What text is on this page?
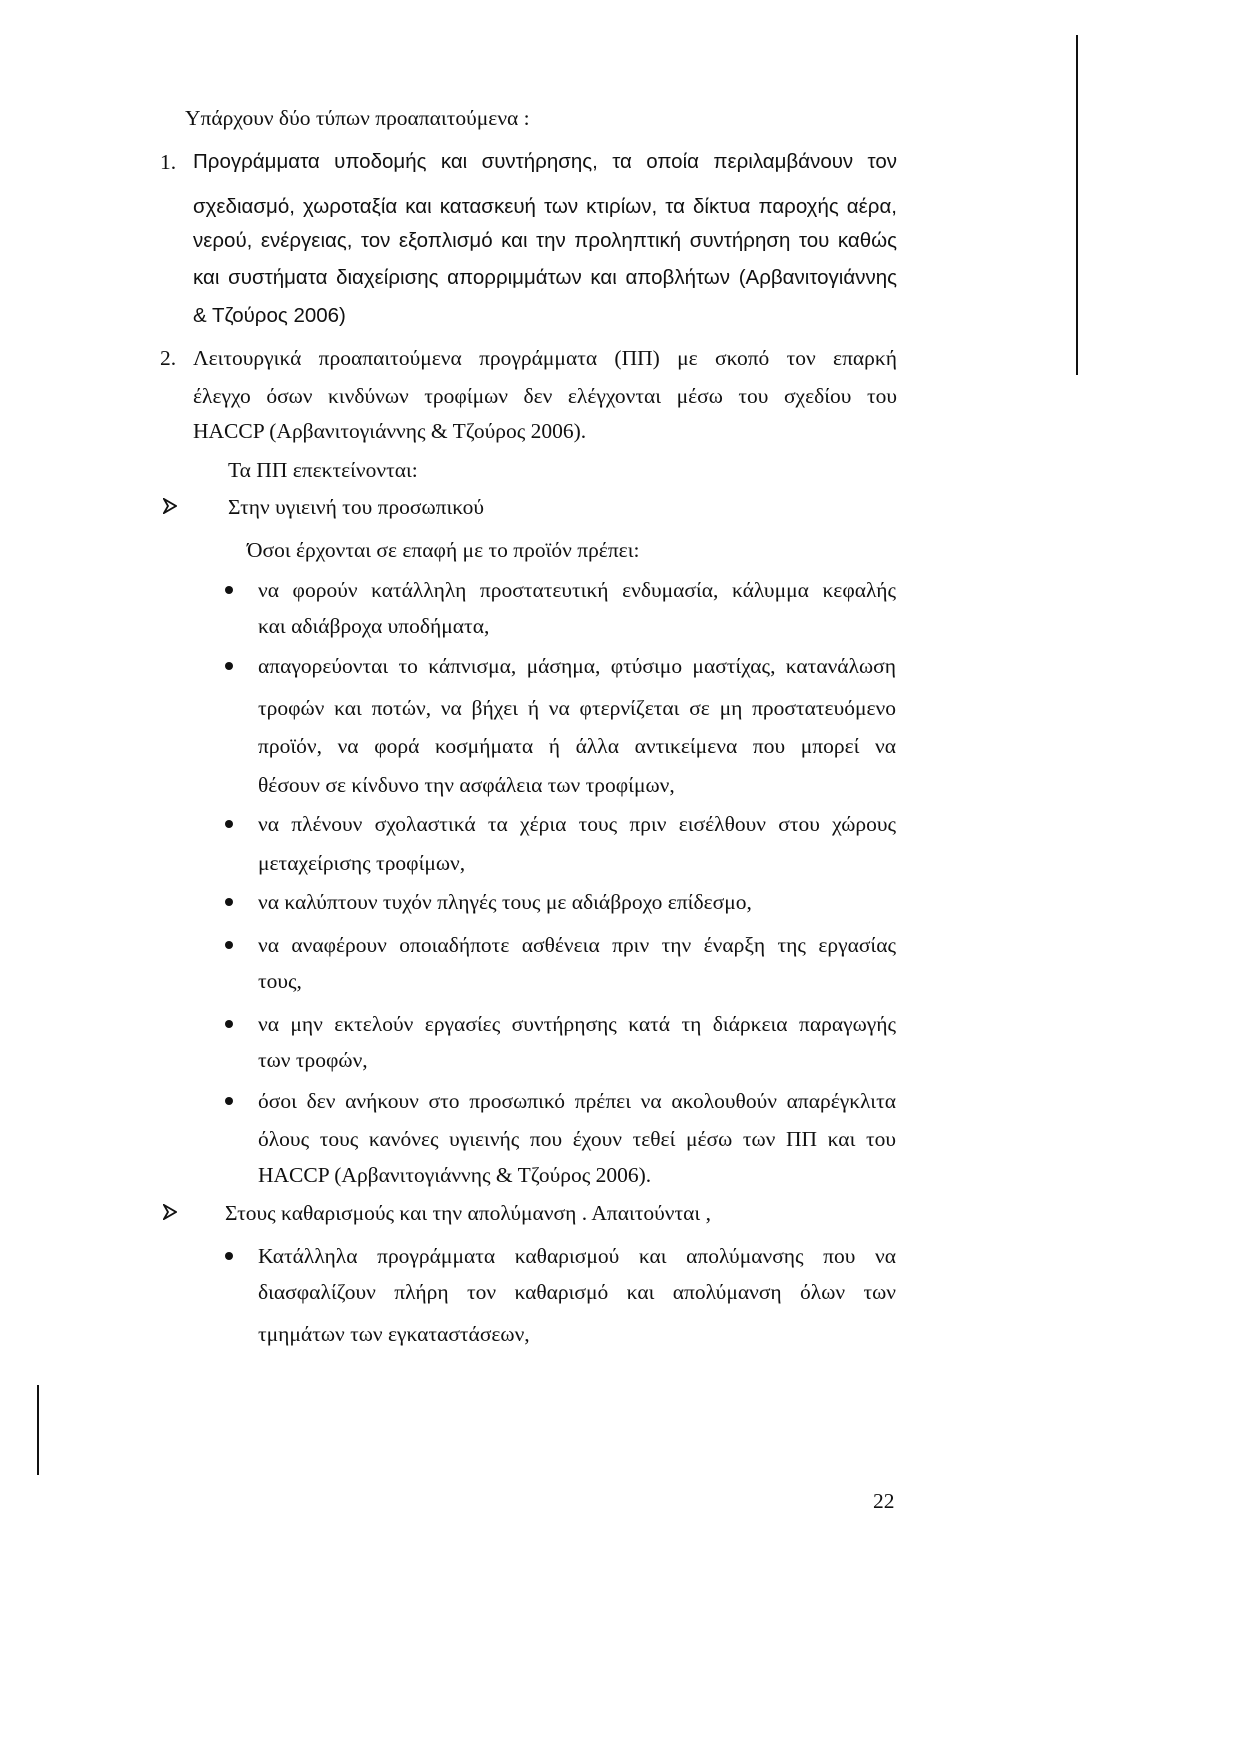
Υπάρχουν δύο τύπων προαπαιτούμενα :
1. Προγράμματα υποδομής και συντήρησης, τα οποία περιλαμβάνουν τον
σχεδιασμό, χωροταξία και κατασκευή των κτιρίων, τα δίκτυα παροχής αέρα,
νερού, ενέργειας, τον εξοπλισμό και την προληπτική συντήρηση του καθώς
και συστήματα διαχείρισης απορριμμάτων και αποβλήτων (Αρβανιτογιάννης
& Τζούρος 2006)
2. Λειτουργικά προαπαιτούμενα προγράμματα (ΠΠ) με σκοπό τον επαρκή
έλεγχο όσων κινδύνων τροφίμων δεν ελέγχονται μέσω του σχεδίου του
HACCP (Αρβανιτογιάννης & Τζούρος 2006).
Τα ΠΠ επεκτείνονται:
Στην υγιεινή του προσωπικού
Όσοι έρχονται σε επαφή με το προϊόν πρέπει:
να φορούν κατάλληλη προστατευτική ενδυμασία, κάλυμμα κεφαλής
και αδιάβροχα υποδήματα,
απαγορεύονται το κάπνισμα, μάσημα, φτύσιμο μαστίχας, κατανάλωση
τροφών και ποτών, να βήχει ή να φτερνίζεται σε μη προστατευόμενο
προϊόν, να φορά κοσμήματα ή άλλα αντικείμενα που μπορεί να
θέσουν σε κίνδυνο την ασφάλεια των τροφίμων,
να πλένουν σχολαστικά τα χέρια τους πριν εισέλθουν στου χώρους
μεταχείρισης τροφίμων,
να καλύπτουν τυχόν πληγές τους με αδιάβροχο επίδεσμο,
να αναφέρουν οποιαδήποτε ασθένεια πριν την έναρξη της εργασίας
τους,
να μην εκτελούν εργασίες συντήρησης κατά τη διάρκεια παραγωγής
των τροφών,
όσοι δεν ανήκουν στο προσωπικό πρέπει να ακολουθούν απαρέγκλιτα
όλους τους κανόνες υγιεινής που έχουν τεθεί μέσω των ΠΠ και του
HACCP (Αρβανιτογιάννης & Τζούρος 2006).
Στους καθαρισμούς και την απολύμανση . Απαιτούνται ,
Κατάλληλα προγράμματα καθαρισμού και απολύμανσης που να
διασφαλίζουν πλήρη τον καθαρισμό και απολύμανση όλων των
τμημάτων των εγκαταστάσεων,
22
